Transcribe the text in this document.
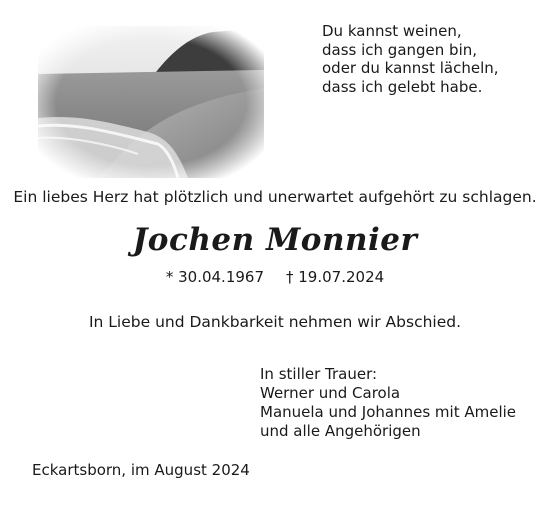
Du kannst weinen,
dass ich gangen bin,
oder du kannst lächeln,
dass ich gelebt habe.
Ein liebes Herz hat plötzlich und unerwartet aufgehört zu schlagen.
Jochen Monnier
* 30.04.1967 † 19.07.2024
In Liebe und Dankbarkeit nehmen wir Abschied.
In stiller Trauer:
Werner und Carola
Manuela und Johannes mit Amelie
und alle Angehörigen
Eckartsborn, im August 2024
